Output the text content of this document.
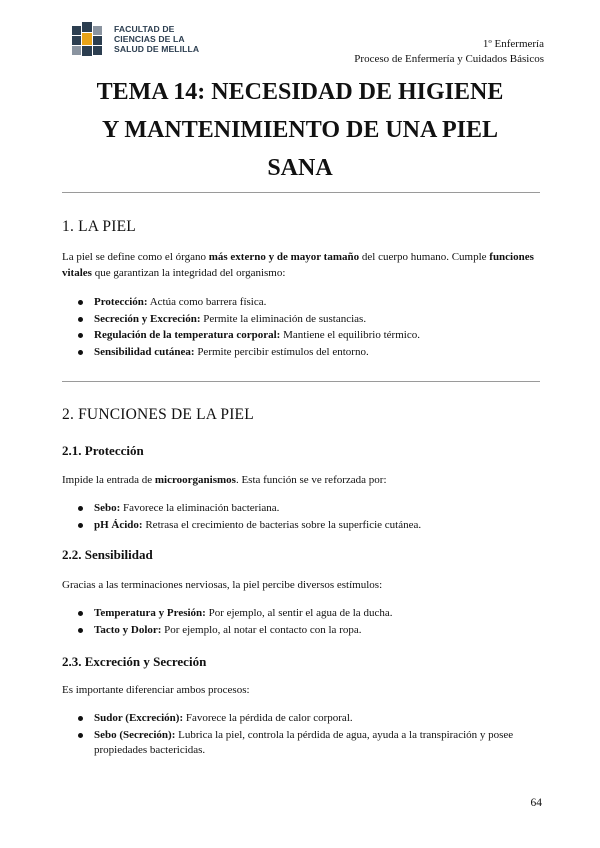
FACULTAD DE
CIENCIAS DE LA
SALUD DE MELILLA	1º Enfermería
Proceso de Enfermería y Cuidados Básicos
TEMA 14: NECESIDAD DE HIGIENE
Y MANTENIMIENTO DE UNA PIEL
SANA
1. LA PIEL

La piel se define como el órgano más externo y de mayor tamaño del cuerpo humano. Cumple funciones vitales que garantizan la integridad del organismo:

Protección: Actúa como barrera física.
Secreción y Excreción: Permite la eliminación de sustancias.
Regulación de la temperatura corporal: Mantiene el equilibrio térmico.
Sensibilidad cutánea: Permite percibir estímulos del entorno.
2. FUNCIONES DE LA PIEL
2.1. Protección

Impide la entrada de microorganismos. Esta función se ve reforzada por:

Sebo: Favorece la eliminación bacteriana.
pH Ácido: Retrasa el crecimiento de bacterias sobre la superficie cutánea.
2.2. Sensibilidad

Gracias a las terminaciones nerviosas, la piel percibe diversos estímulos:

Temperatura y Presión: Por ejemplo, al sentir el agua de la ducha.
Tacto y Dolor: Por ejemplo, al notar el contacto con la ropa.
2.3. Excreción y Secreción

Es importante diferenciar ambos procesos:

Sudor (Excreción): Favorece la pérdida de calor corporal.
Sebo (Secreción): Lubrica la piel, controla la pérdida de agua, ayuda a la transpiración y posee propiedades bactericidas.
64
